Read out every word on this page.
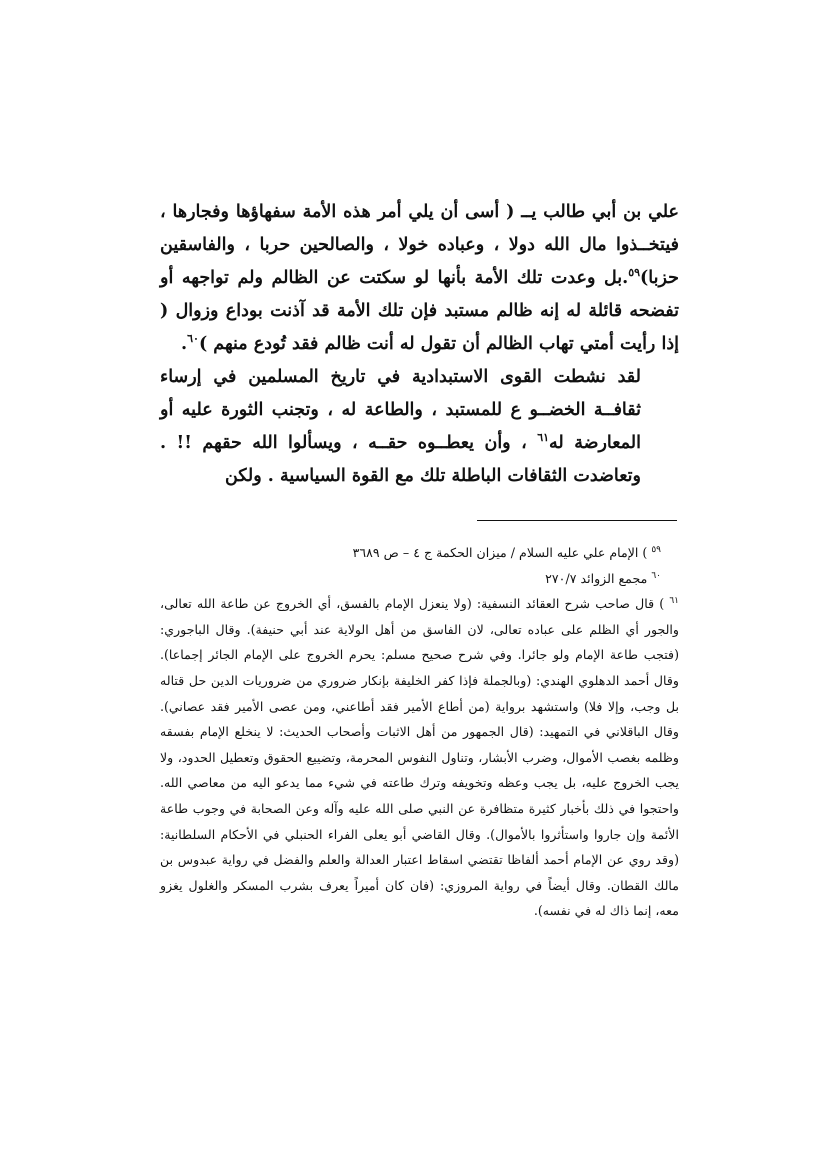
علي بن أبي طالب يــ ( أسى أن يلي أمر هذه الأمة سفهاؤها وفجارها ، فيتخــذوا مال الله دولا ، وعباده خولا ، والصالحين حربا ، والفاسقين حزبا)$^{٥٩}$.بل وعدت تلك الأمة بأنها لو سكتت عن الظالم ولم تواجهه أو تفضحه قائلة له إنه ظالم مستبد فإن تلك الأمة قد آذنت بوداع وزوال ( إذا رأيت أمتي تهاب الظالم أن تقول له أنت ظالم فقد تُودع منهم )$^{٦٠}$.

لقد نشطت القوى الاستبدادية في تاريخ المسلمين في إرساء ثقافــة الخضــو ع للمستبد ، والطاعة له ، وتجنب الثورة عليه أو المعارضة له$^{٦١}$ ، وأن يعطــوه حقــه ، ويسألوا الله حقهم !! . وتعاضدت الثقافات الباطلة تلك مع القوة السياسية . ولكن

$^{٥٩}$ ) الإمام علي عليه السلام / ميزان الحكمة ج ٤ – ص ٣٦٨٩

$^{٦٠}$ مجمع الزوائد ٢٧٠/٧

$^{٦١}$ ) قال صاحب شرح العقائد النسفية: (ولا ينعزل الإمام بالفسق، أي الخروج عن طاعة الله تعالى، والجور أي الظلم على عباده تعالى، لان الفاسق من أهل الولاية عند أبي حنيفة). وقال الباجوري: (فتجب طاعة الإمام ولو جائرا. وفي شرح صحيح مسلم: يحرم الخروج على الإمام الجائر إجماعا). وقال أحمد الدهلوي الهندي: (وبالجملة فإذا كفر الخليفة بإنكار ضروري من ضروريات الدين حل قتاله بل وجب، وإلا فلا) واستشهد برواية (من أطاع الأمير فقد أطاعني، ومن عصى الأمير فقد عصاني). وقال الباقلاني في التمهيد: (قال الجمهور من أهل الاثبات وأصحاب الحديث: لا ينخلع الإمام بفسقه وظلمه بغصب الأموال، وضرب الأبشار، وتناول النفوس المحرمة، وتضييع الحقوق وتعطيل الحدود، ولا يجب الخروج عليه، بل يجب وعظه وتخويفه وترك طاعته في شيء مما يدعو اليه من معاصي الله. واحتجوا في ذلك بأخبار كثيرة متظافرة عن النبي صلى الله عليه وآله وعن الصحابة في وجوب طاعة الأئمة وإن جاروا واستأثروا بالأموال). وقال القاضي أبو يعلى الفراء الحنبلي في الأحكام السلطانية: (وقد روي عن الإمام أحمد ألفاظا تقتضي اسقاط اعتبار العدالة والعلم والفضل في رواية عبدوس بن مالك القطان. وقال أيضاً في رواية المروزي: (فان كان أميراً يعرف بشرب المسكر والغلول يغزو معه، إنما ذاك له في نفسه).
